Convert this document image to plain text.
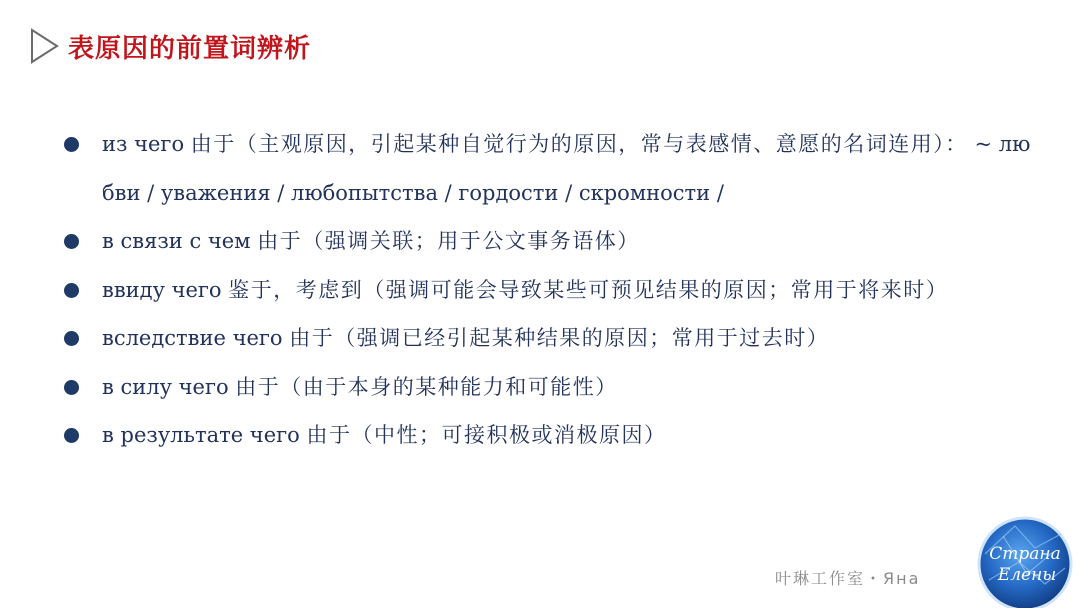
表原因的前置词辨析
из чего 由于（主观原因，引起某种自觉行为的原因，常与表感情、意愿的名词连用）： ~ любви / уважения / любопытства / гордости / скромности /
в связи с чем 由于（强调关联；用于公文事务语体）
ввиду чего 鉴于，考虑到（强调可能会导致某些可预见结果的原因；常用于将来时）
вследствие чего 由于（强调已经引起某种结果的原因；常用于过去时）
в силу чего 由于（由于本身的某种能力和可能性）
в результате чего 由于（中性；可接积极或消极原因）
叶琳工作室・Яна
Страна
Елены
